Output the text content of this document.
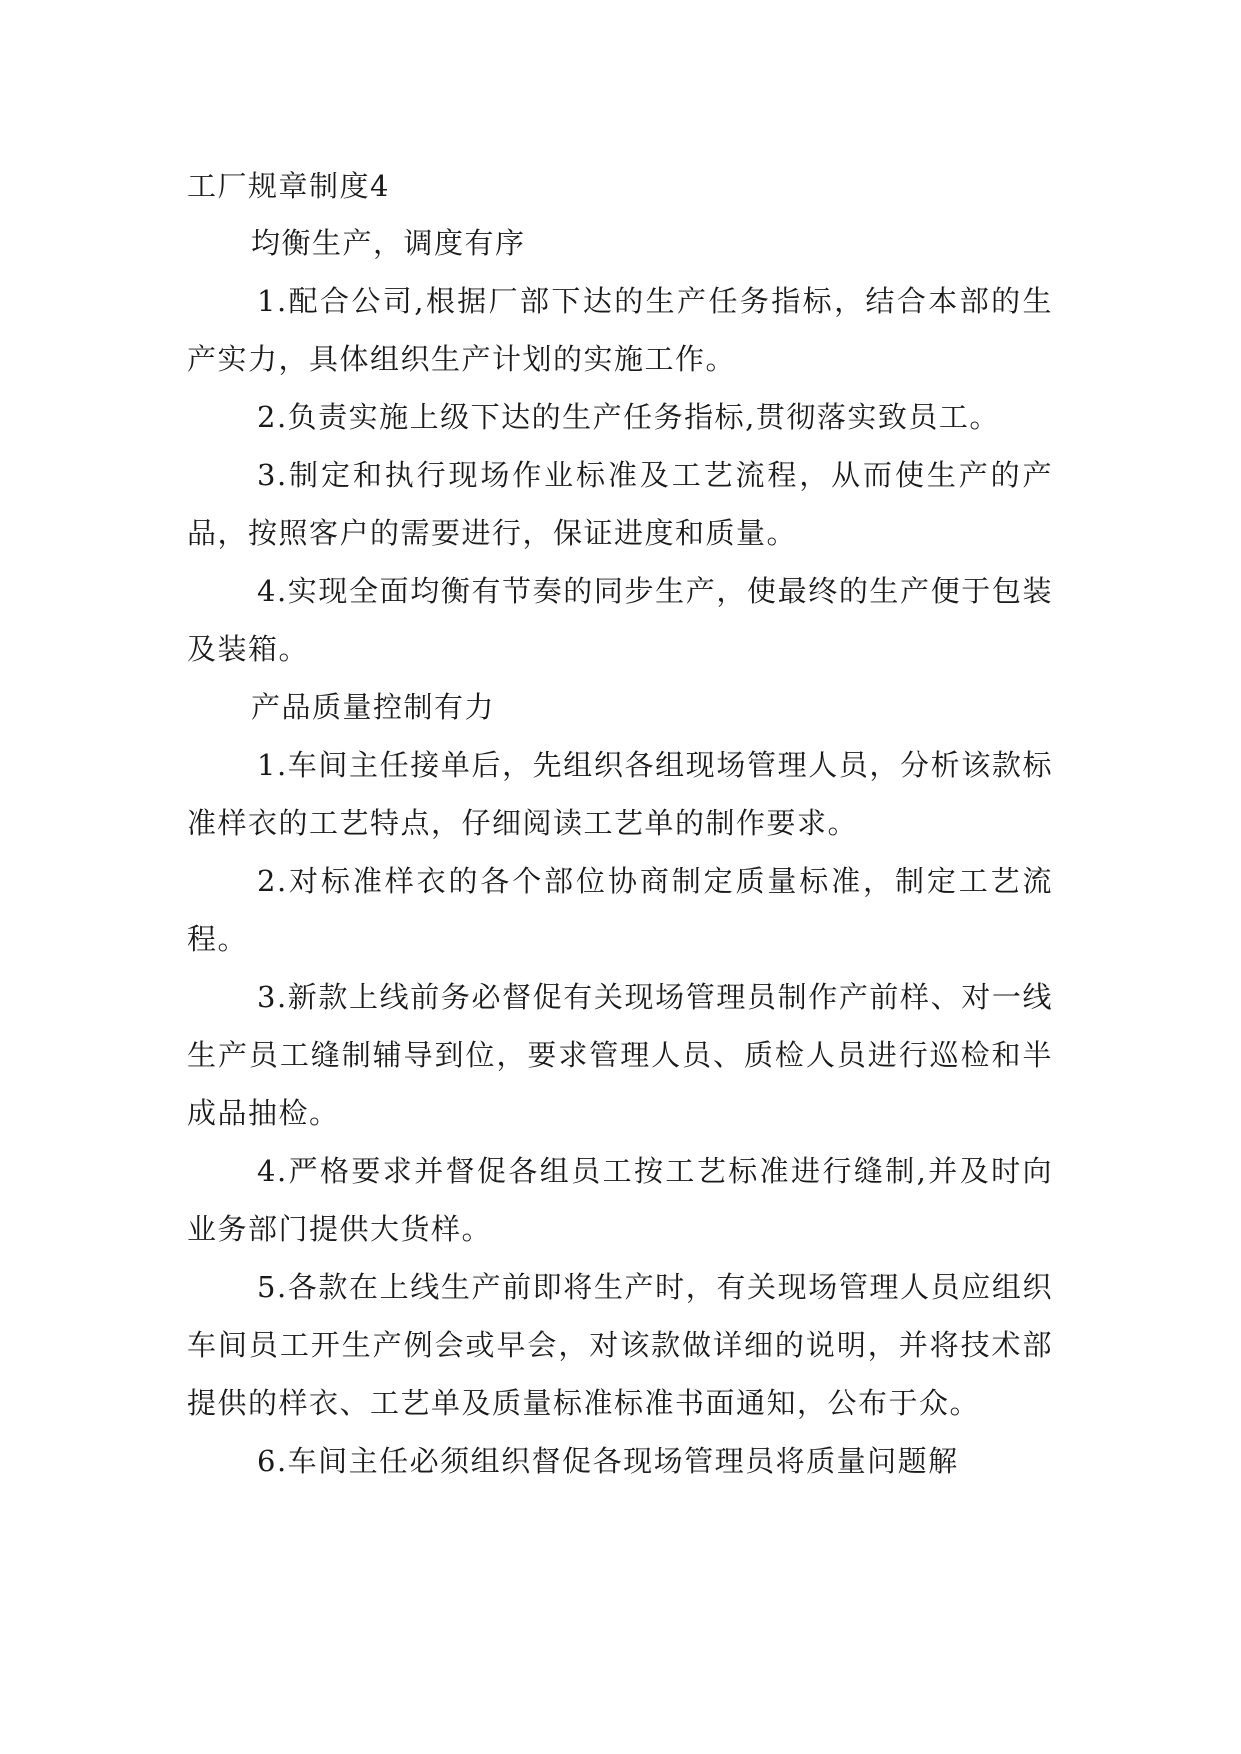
工厂规章制度4

均衡生产，调度有序

1.配合公司,根据厂部下达的生产任务指标，结合本部的生产实力，具体组织生产计划的实施工作。

2.负责实施上级下达的生产任务指标,贯彻落实致员工。

3.制定和执行现场作业标准及工艺流程，从而使生产的产品，按照客户的需要进行，保证进度和质量。

4.实现全面均衡有节奏的同步生产，使最终的生产便于包装及装箱。

产品质量控制有力

1.车间主任接单后，先组织各组现场管理人员，分析该款标准样衣的工艺特点，仔细阅读工艺单的制作要求。

2.对标准样衣的各个部位协商制定质量标准，制定工艺流程。

3.新款上线前务必督促有关现场管理员制作产前样、对一线生产员工缝制辅导到位，要求管理人员、质检人员进行巡检和半成品抽检。

4.严格要求并督促各组员工按工艺标准进行缝制,并及时向业务部门提供大货样。

5.各款在上线生产前即将生产时，有关现场管理人员应组织车间员工开生产例会或早会，对该款做详细的说明，并将技术部提供的样衣、工艺单及质量标准标准书面通知，公布于众。

6.车间主任必须组织督促各现场管理员将质量问题解
